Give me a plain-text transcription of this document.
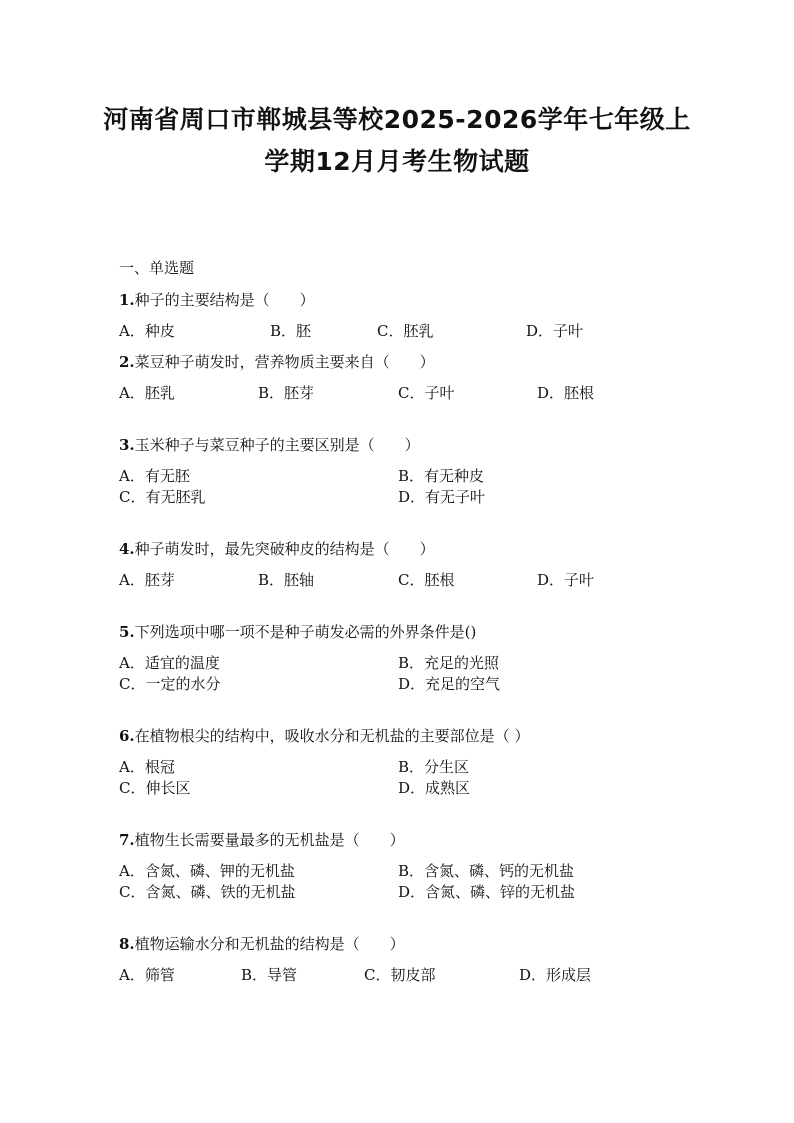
河南省周口市郸城县等校2025-2026学年七年级上
学期12月月考生物试题
一、单选题
1.种子的主要结构是（　　）
A．种皮	B．胚	C．胚乳	D．子叶
2.菜豆种子萌发时，营养物质主要来自（　　）
A．胚乳	B．胚芽	C．子叶	D．胚根
3.玉米种子与菜豆种子的主要区别是（　　）
A．有无胚	B．有无种皮
C．有无胚乳	D．有无子叶
4.种子萌发时，最先突破种皮的结构是（　　）
A．胚芽	B．胚轴	C．胚根	D．子叶
5.下列选项中哪一项不是种子萌发必需的外界条件是()
A．适宜的温度	B．充足的光照
C．一定的水分	D．充足的空气
6.在植物根尖的结构中，吸收水分和无机盐的主要部位是（ ）
A．根冠	B．分生区
C．伸长区	D．成熟区
7.植物生长需要量最多的无机盐是（　　）
A．含氮、磷、钾的无机盐	B．含氮、磷、钙的无机盐
C．含氮、磷、铁的无机盐	D．含氮、磷、锌的无机盐
8.植物运输水分和无机盐的结构是（　　）
A．筛管	B．导管	C．韧皮部	D．形成层
